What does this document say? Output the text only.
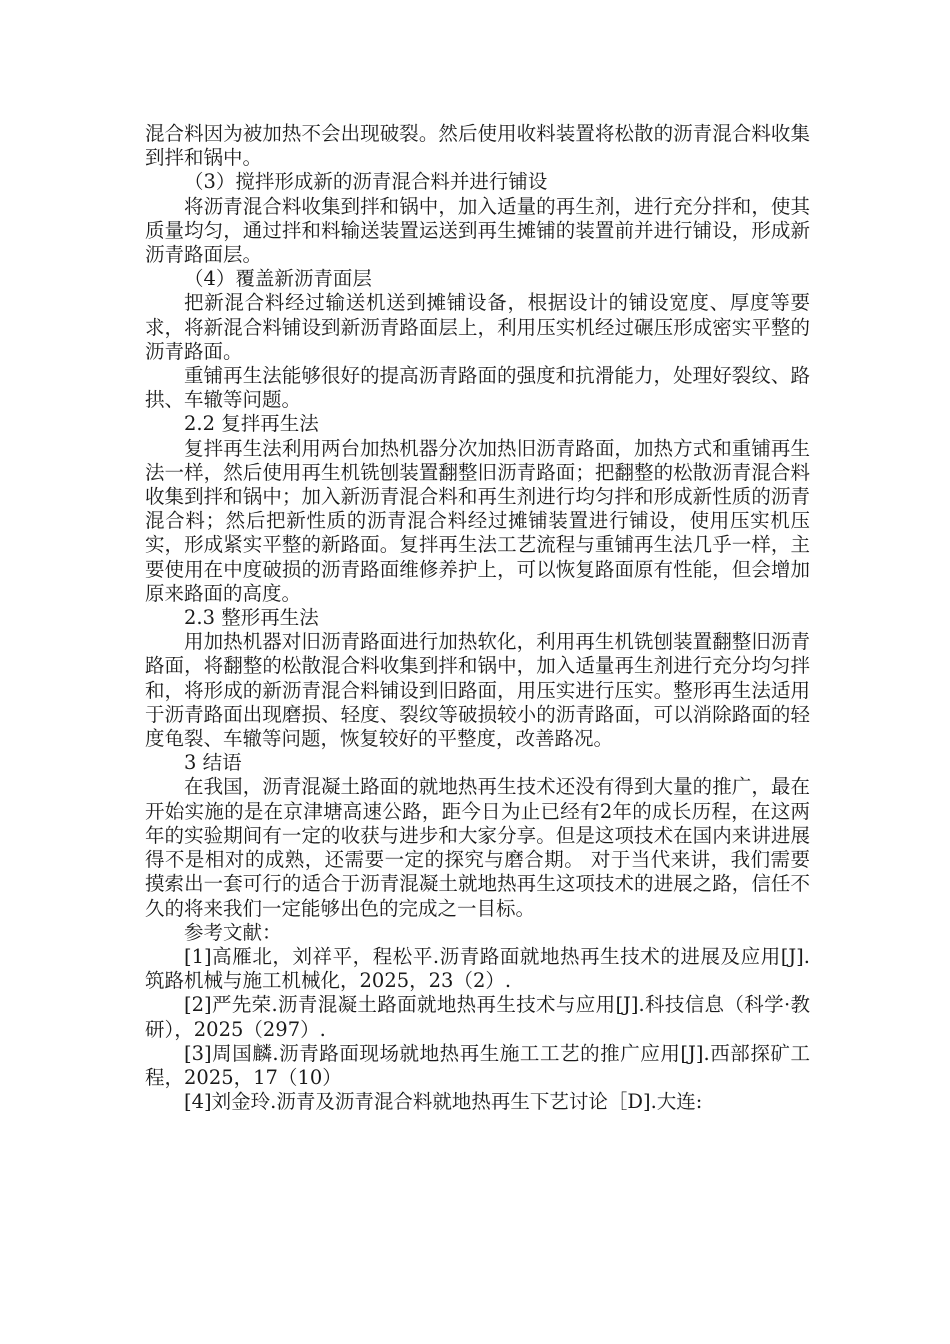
混合料因为被加热不会出现破裂。然后使用收料装置将松散的沥青混合料收集到拌和锅中。

（3）搅拌形成新的沥青混合料并进行铺设

将沥青混合料收集到拌和锅中，加入适量的再生剂，进行充分拌和，使其质量均匀，通过拌和料输送装置运送到再生摊铺的装置前并进行铺设，形成新沥青路面层。

（4）覆盖新沥青面层

把新混合料经过输送机送到摊铺设备，根据设计的铺设宽度、厚度等要求，将新混合料铺设到新沥青路面层上，利用压实机经过碾压形成密实平整的沥青路面。

重铺再生法能够很好的提高沥青路面的强度和抗滑能力，处理好裂纹、路拱、车辙等问题。

2.2 复拌再生法

复拌再生法利用两台加热机器分次加热旧沥青路面，加热方式和重铺再生法一样，然后使用再生机铣刨装置翻整旧沥青路面；把翻整的松散沥青混合料收集到拌和锅中；加入新沥青混合料和再生剂进行均匀拌和形成新性质的沥青混合料；然后把新性质的沥青混合料经过摊铺装置进行铺设，使用压实机压实，形成紧实平整的新路面。复拌再生法工艺流程与重铺再生法几乎一样，主要使用在中度破损的沥青路面维修养护上，可以恢复路面原有性能，但会增加原来路面的高度。

2.3 整形再生法

用加热机器对旧沥青路面进行加热软化，利用再生机铣刨装置翻整旧沥青路面，将翻整的松散混合料收集到拌和锅中，加入适量再生剂进行充分均匀拌和，将形成的新沥青混合料铺设到旧路面，用压实进行压实。整形再生法适用于沥青路面出现磨损、轻度、裂纹等破损较小的沥青路面，可以消除路面的轻度龟裂、车辙等问题，恢复较好的平整度，改善路况。

3 结语

在我国，沥青混凝土路面的就地热再生技术还没有得到大量的推广，最在开始实施的是在京津塘高速公路，距今日为止已经有2年的成长历程，在这两年的实验期间有一定的收获与进步和大家分享。但是这项技术在国内来讲进展得不是相对的成熟，还需要一定的探究与磨合期。 对于当代来讲，我们需要摸索出一套可行的适合于沥青混凝土就地热再生这项技术的进展之路，信任不久的将来我们一定能够出色的完成之一目标。

参考文献：

[1]高雁北，刘祥平，程松平.沥青路面就地热再生技术的进展及应用[J].筑路机械与施工机械化，2025，23（2）.

[2]严先荣.沥青混凝土路面就地热再生技术与应用[J].科技信息（科学·教研），2025（297）.

[3]周国麟.沥青路面现场就地热再生施工工艺的推广应用[J].西部探矿工程，2025，17（10）

[4]刘金玲.沥青及沥青混合料就地热再生下艺讨论［D].大连:
